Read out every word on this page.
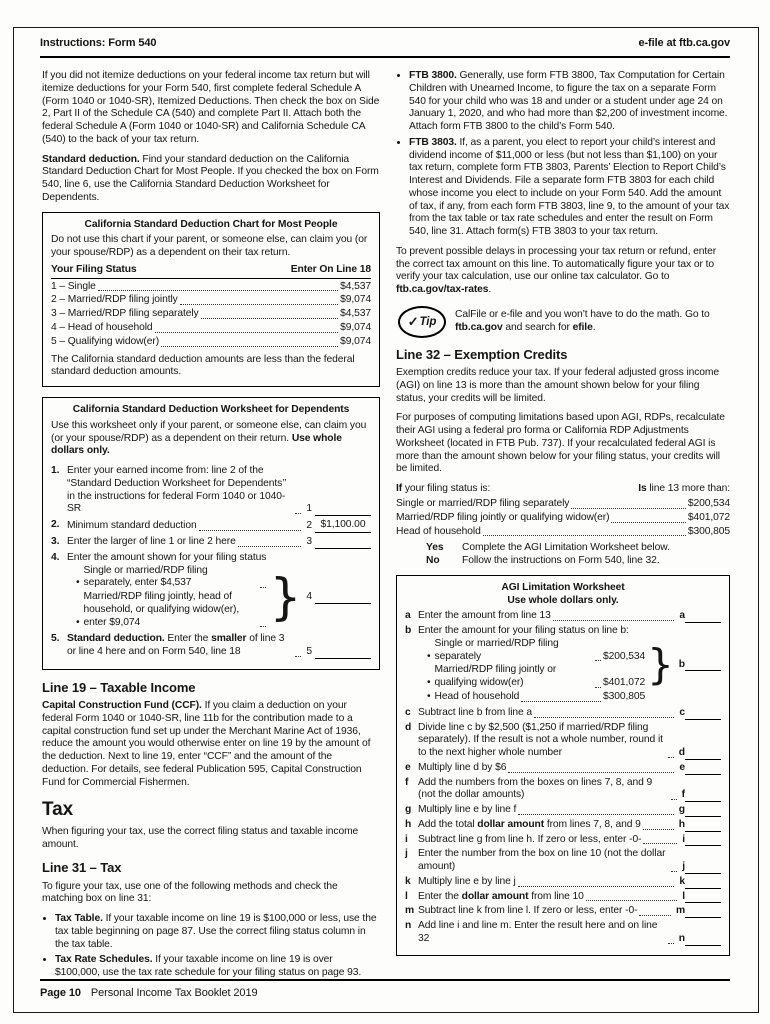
Instructions: Form 540	e-file at ftb.ca.gov

If you did not itemize deductions on your federal income tax return but will itemize deductions for your Form 540, first complete federal Schedule A (Form 1040 or 1040-SR), Itemized Deductions. Then check the box on Side 2, Part II of the Schedule CA (540) and complete Part II. Attach both the federal Schedule A (Form 1040 or 1040-SR) and California Schedule CA (540) to the back of your tax return.

Standard deduction. Find your standard deduction on the California Standard Deduction Chart for Most People. If you checked the box on Form 540, line 6, use the California Standard Deduction Worksheet for Dependents.

California Standard Deduction Chart for Most People
Do not use this chart if your parent, or someone else, can claim you (or your spouse/RDP) as a dependent on their tax return.
Your Filing Status	Enter On Line 18
1 – Single	$4,537
2 – Married/RDP filing jointly	$9,074
3 – Married/RDP filing separately	$4,537
4 – Head of household	$9,074
5 – Qualifying widow(er)	$9,074
The California standard deduction amounts are less than the federal standard deduction amounts.
California Standard Deduction Worksheet for Dependents

Use this worksheet only if your parent, or someone else, can claim you (or your spouse/RDP) as a dependent on their return. Use whole dollars only.

1. Enter your earned income from: line 2 of the “Standard Deduction Worksheet for Dependents’’ in the instructions for federal Form 1040 or 1040-SR	1
2. Minimum standard deduction	2 $1,100.00
3. Enter the larger of line 1 or line 2 here	3
4. Enter the amount shown for your filing status
• Single or married/RDP filing separately, enter $4,537
• Married/RDP filing jointly, head of household, or qualifying widow(er), enter $9,074	} 4
5. Standard deduction. Enter the smaller of line 3 or line 4 here and on Form 540, line 18	5
Line 19 – Taxable Income

Capital Construction Fund (CCF). If you claim a deduction on your federal Form 1040 or 1040-SR, line 11b for the contribution made to a capital construction fund set up under the Merchant Marine Act of 1936, reduce the amount you would otherwise enter on line 19 by the amount of the deduction. Next to line 19, enter “CCF” and the amount of the deduction. For details, see federal Publication 595, Capital Construction Fund for Commercial Fishermen.

Tax

When figuring your tax, use the correct filing status and taxable income amount.

Line 31 – Tax

To figure your tax, use one of the following methods and check the matching box on line 31:

• Tax Table. If your taxable income on line 19 is $100,000 or less, use the tax table beginning on page 87. Use the correct filing status column in the tax table.
• Tax Rate Schedules. If your taxable income on line 19 is over $100,000, use the tax rate schedule for your filing status on page 93.
• FTB 3800. Generally, use form FTB 3800, Tax Computation for Certain Children with Unearned Income, to figure the tax on a separate Form 540 for your child who was 18 and under or a student under age 24 on January 1, 2020, and who had more than $2,200 of investment income. Attach form FTB 3800 to the child’s Form 540.
• FTB 3803. If, as a parent, you elect to report your child’s interest and dividend income of $11,000 or less (but not less than $1,100) on your tax return, complete form FTB 3803, Parents’ Election to Report Child’s Interest and Dividends. File a separate form FTB 3803 for each child whose income you elect to include on your Form 540. Add the amount of tax, if any, from each form FTB 3803, line 9, to the amount of your tax from the tax table or tax rate schedules and enter the result on Form 540, line 31. Attach form(s) FTB 3803 to your tax return.

To prevent possible delays in processing your tax return or refund, enter the correct tax amount on this line. To automatically figure your tax or to verify your tax calculation, use our online tax calculator. Go to ftb.ca.gov/tax-rates.

✓ Tip
CalFile or e-file and you won’t have to do the math. Go to ftb.ca.gov and search for efile.
Line 32 – Exemption Credits

Exemption credits reduce your tax. If your federal adjusted gross income (AGI) on line 13 is more than the amount shown below for your filing status, your credits will be limited.

For purposes of computing limitations based upon AGI, RDPs, recalculate their AGI using a federal pro forma or California RDP Adjustments Worksheet (located in FTB Pub. 737). If your recalculated federal AGI is more than the amount shown below for your filing status, your credits will be limited.

If your filing status is:	Is line 13 more than:
Single or married/RDP filing separately	$200,534
Married/RDP filing jointly or qualifying widow(er)	$401,072
Head of household	$300,805
Yes	Complete the AGI Limitation Worksheet below.
No	Follow the instructions on Form 540, line 32.
AGI Limitation Worksheet
Use whole dollars only.
a Enter the amount from line 13	a
b Enter the amount for your filing status on line b:
• Single or married/RDP filing separately	$200,534
• Married/RDP filing jointly or qualifying widow(er)	$401,072
• Head of household	$300,805
} b
c Subtract line b from line a	c
d Divide line c by $2,500 ($1,250 if married/RDP filing separately). If the result is not a whole number, round it to the next higher whole number	d
e Multiply line d by $6	e
f Add the numbers from the boxes on lines 7, 8, and 9 (not the dollar amounts)	f
g Multiply line e by line f	g
h Add the total dollar amount from lines 7, 8, and 9	h
i Subtract line g from line h. If zero or less, enter -0-	i
j Enter the number from the box on line 10 (not the dollar amount)	j
k Multiply line e by line j	k
l Enter the dollar amount from line 10	l
m Subtract line k from line l. If zero or less, enter -0-	m
n Add line i and line m. Enter the result here and on line 32	n
Page 10 Personal Income Tax Booklet 2019
